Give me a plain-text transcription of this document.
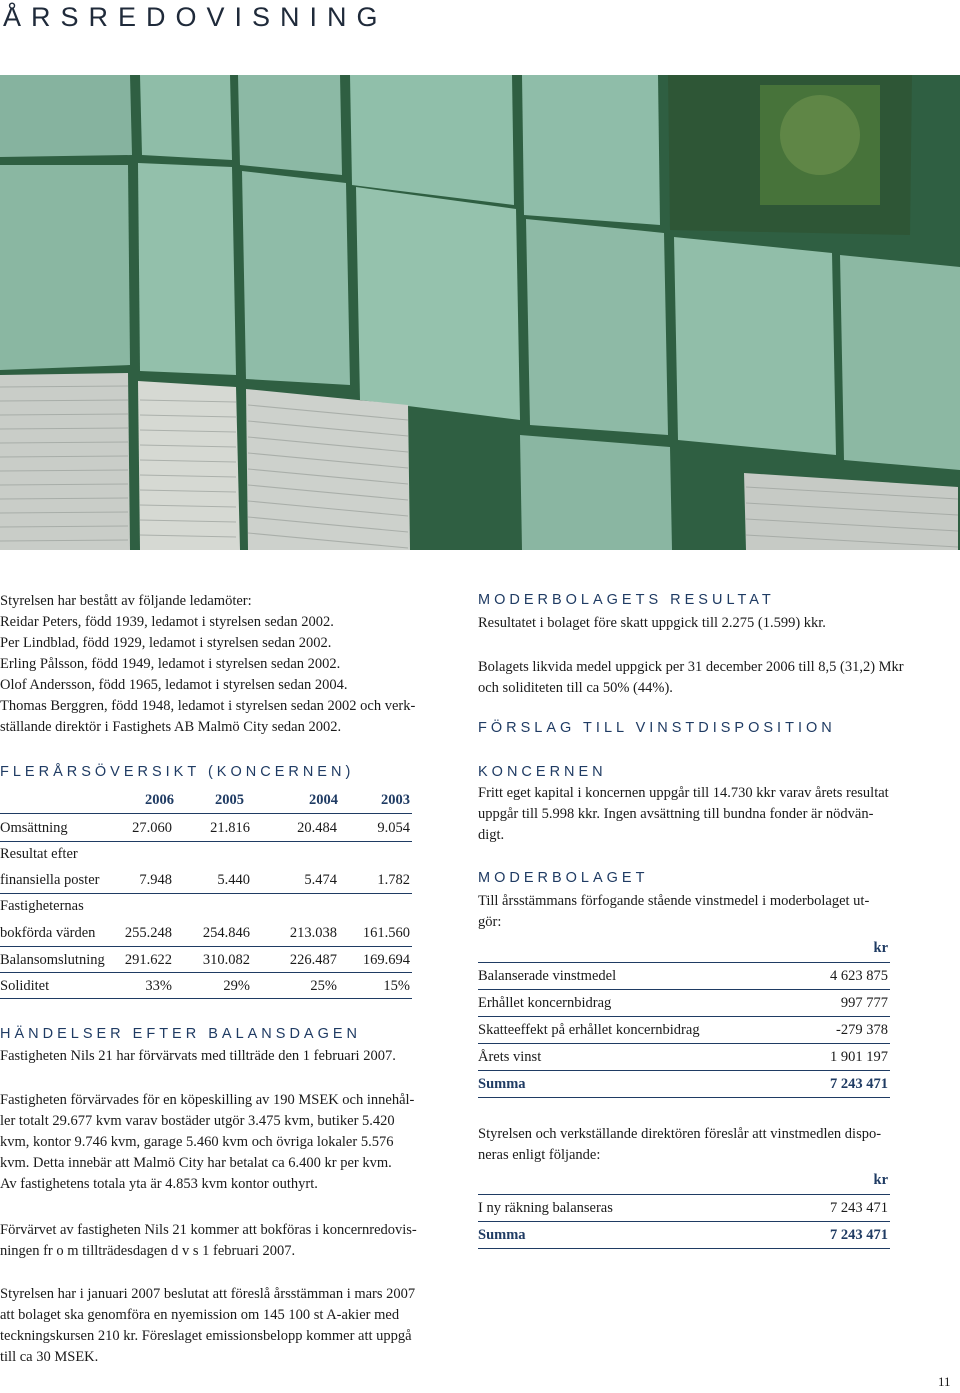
ÅRSREDOVISNING
Styrelsen har bestått av följande ledamöter:
Reidar Peters, född 1939, ledamot i styrelsen sedan 2002.
Per Lindblad, född 1929, ledamot i styrelsen sedan 2002.
Erling Pålsson, född 1949, ledamot i styrelsen sedan 2002.
Olof Andersson, född 1965, ledamot i styrelsen sedan 2004.
Thomas Berggren, född 1948, ledamot i styrelsen sedan 2002 och verk-
ställande direktör i Fastighets AB Malmö City sedan 2002.
FLERÅRSÖVERSIKT (KONCERNEN)
2006	2005	2004	2003
Omsättning	27.060	21.816	20.484	9.054
Resultat efter
finansiella poster	7.948	5.440	5.474	1.782
Fastigheternas
bokförda värden	255.248	254.846	213.038	161.560
Balansomslutning	291.622	310.082	226.487	169.694
Soliditet	33%	29%	25%	15%
HÄNDELSER EFTER BALANSDAGEN
Fastigheten Nils 21 har förvärvats med tillträde den 1 februari 2007.
Fastigheten förvärvades för en köpeskilling av 190 MSEK och innehål-
ler totalt 29.677 kvm varav bostäder utgör 3.475 kvm, butiker 5.420
kvm, kontor 9.746 kvm, garage 5.460 kvm och övriga lokaler 5.576
kvm. Detta innebär att Malmö City har betalat ca 6.400 kr per kvm.
Av fastighetens totala yta är 4.853 kvm kontor outhyrt.
Förvärvet av fastigheten Nils 21 kommer att bokföras i koncernredovis-
ningen fr o m tillträdesdagen d v s 1 februari 2007.
Styrelsen har i januari 2007 beslutat att föreslå årsstämman i mars 2007
att bolaget ska genomföra en nyemission om 145 100 st A-akier med
teckningskursen 210 kr. Föreslaget emissionsbelopp kommer att uppgå
till ca 30 MSEK.
MODERBOLAGETS RESULTAT
Resultatet i bolaget före skatt uppgick till 2.275 (1.599) kkr.
Bolagets likvida medel uppgick per 31 december 2006 till 8,5 (31,2) Mkr
och soliditeten till ca 50% (44%).
FÖRSLAG TILL VINSTDISPOSITION
KONCERNEN
Fritt eget kapital i koncernen uppgår till 14.730 kkr varav årets resultat
uppgår till 5.998 kkr. Ingen avsättning till bundna fonder är nödvän-
digt.
MODERBOLAGET
Till årsstämmans förfogande stående vinstmedel i moderbolaget ut-
gör:
kr
Balanserade vinstmedel	4 623 875
Erhållet koncernbidrag	997 777
Skatteeffekt på erhållet koncernbidrag	-279 378
Årets vinst	1 901 197
Summa	7 243 471
Styrelsen och verkställande direktören föreslår att vinstmedlen dispo-
neras enligt följande:
kr
I ny räkning balanseras	7 243 471
Summa	7 243 471
11
